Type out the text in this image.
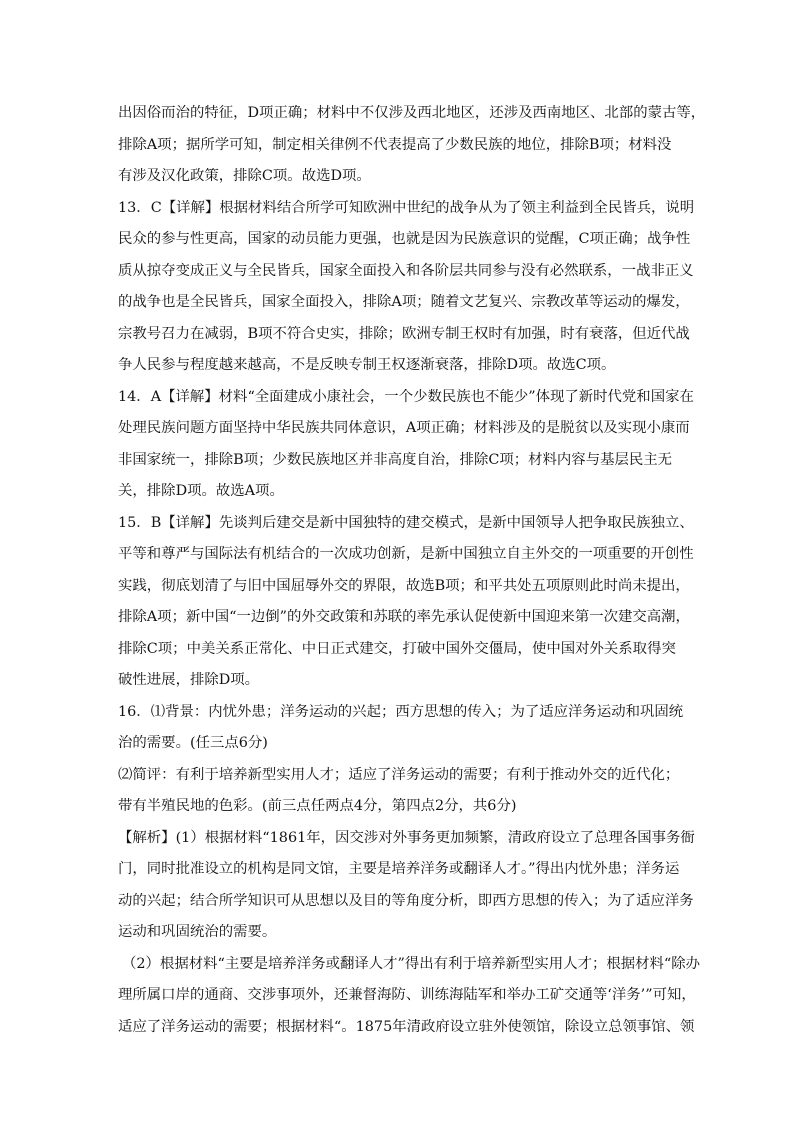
出因俗而治的特征，D项正确；材料中不仅涉及西北地区，还涉及西南地区、北部的蒙古等，
排除A项；据所学可知，制定相关律例不代表提高了少数民族的地位，排除B项；材料没
有涉及汉化政策，排除C项。故选D项。
13．C【详解】根据材料结合所学可知欧洲中世纪的战争从为了领主利益到全民皆兵，说明
民众的参与性更高，国家的动员能力更强，也就是因为民族意识的觉醒，C项正确；战争性
质从掠夺变成正义与全民皆兵，国家全面投入和各阶层共同参与没有必然联系，一战非正义
的战争也是全民皆兵，国家全面投入，排除A项；随着文艺复兴、宗教改革等运动的爆发，
宗教号召力在减弱，B项不符合史实，排除；欧洲专制王权时有加强，时有衰落，但近代战
争人民参与程度越来越高，不是反映专制王权逐渐衰落，排除D项。故选C项。
14．A【详解】材料“全面建成小康社会，一个少数民族也不能少”体现了新时代党和国家在
处理民族问题方面坚持中华民族共同体意识，A项正确；材料涉及的是脱贫以及实现小康而
非国家统一，排除B项；少数民族地区并非高度自治，排除C项；材料内容与基层民主无
关，排除D项。故选A项。
15．B【详解】先谈判后建交是新中国独特的建交模式，是新中国领导人把争取民族独立、
平等和尊严与国际法有机结合的一次成功创新，是新中国独立自主外交的一项重要的开创性
实践，彻底划清了与旧中国屈辱外交的界限，故选B项；和平共处五项原则此时尚未提出，
排除A项；新中国“一边倒”的外交政策和苏联的率先承认促使新中国迎来第一次建交高潮，
排除C项；中美关系正常化、中日正式建交，打破中国外交僵局，使中国对外关系取得突
破性进展，排除D项。
16．⑴背景：内忧外患；洋务运动的兴起；西方思想的传入；为了适应洋务运动和巩固统
治的需要。(任三点6分)
⑵简评：有利于培养新型实用人才；适应了洋务运动的需要；有利于推动外交的近代化；
带有半殖民地的色彩。(前三点任两点4分，第四点2分，共6分)
【解析】(1）根据材料“1861年，因交涉对外事务更加频繁，清政府设立了总理各国事务衙
门，同时批准设立的机构是同文馆，主要是培养洋务或翻译人才。”得出内忧外患；洋务运
动的兴起；结合所学知识可从思想以及目的等角度分析，即西方思想的传入；为了适应洋务
运动和巩固统治的需要。
（2）根据材料“主要是培养洋务或翻译人才”得出有利于培养新型实用人才；根据材料“除办
理所属口岸的通商、交涉事项外，还兼督海防、训练海陆军和举办工矿交通等‘洋务’”可知，
适应了洋务运动的需要；根据材料“。1875年清政府设立驻外使领馆，除设立总领事馆、领
